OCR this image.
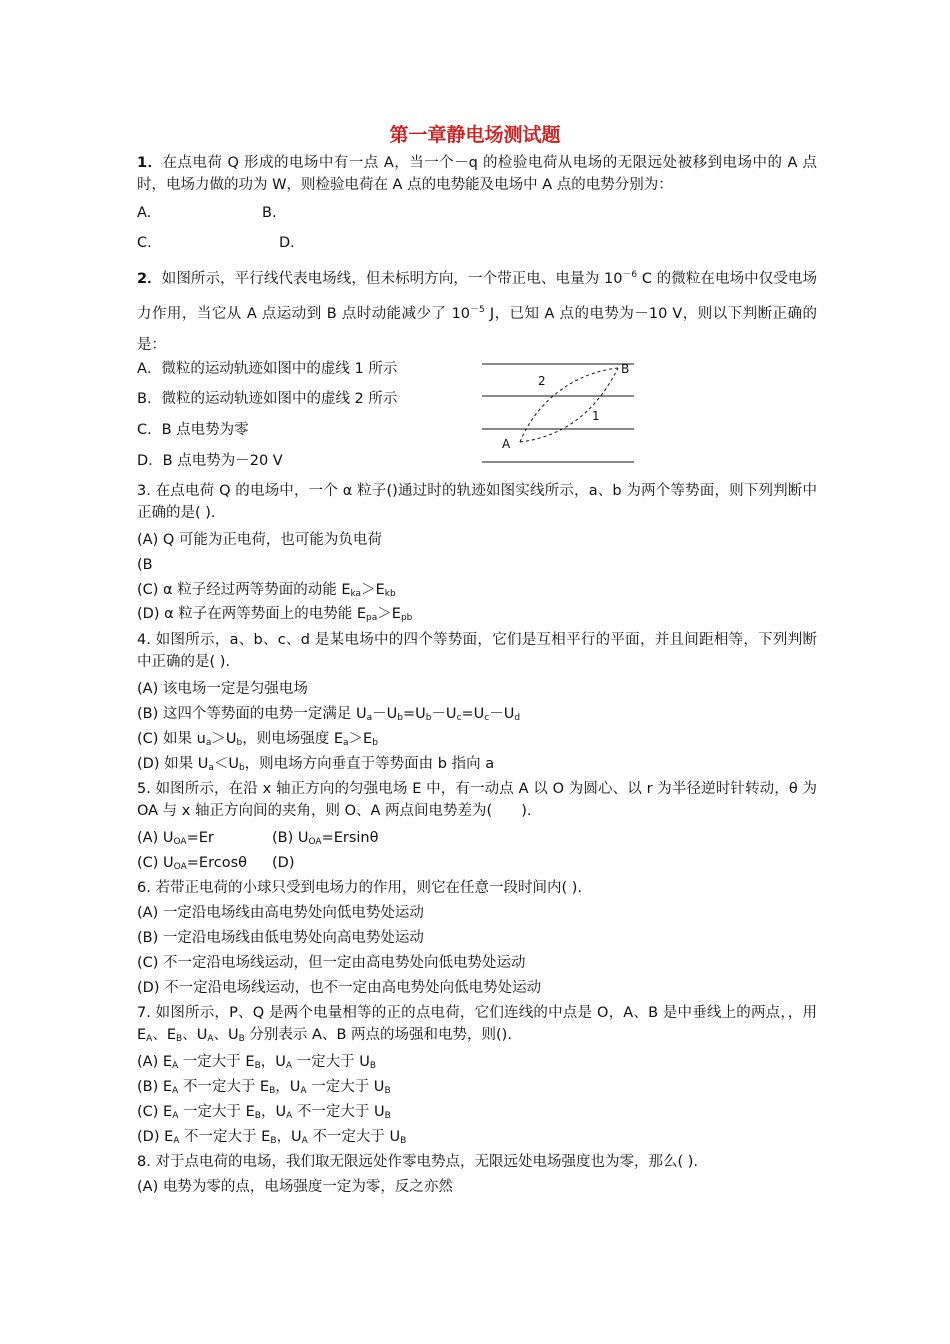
第一章静电场测试题
1．在点电荷 Q 形成的电场中有一点 A，当一个－q 的检验电荷从电场的无限远处被移到电场中的 A 点时，电场力做的功为 W，则检验电荷在 A 点的电势能及电场中 A 点的电势分别为：
A.	B.
C.	D.
2．如图所示，平行线代表电场线，但未标明方向，一个带正电、电量为 $10^{-6}$ C 的微粒在电场中仅受电场力作用，当它从 A 点运动到 B 点时动能减少了 $10^{-5}$ J，已知 A 点的电势为－10 V，则以下判断正确的是：
A．微粒的运动轨迹如图中的虚线 1 所示
B．微粒的运动轨迹如图中的虚线 2 所示
C．B 点电势为零
D．B 点电势为－20 V
A
B
2
1
3. 在点电荷 Q 的电场中，一个 α 粒子()通过时的轨迹如图实线所示，a、b 为两个等势面，则下列判断中正确的是( ).
(A) Q 可能为正电荷，也可能为负电荷
(B
(C) α 粒子经过两等势面的动能 $E_{ka}>E_{kb}$
(D) α 粒子在两等势面上的电势能 $E_{pa}>E_{pb}$
4. 如图所示，a、b、c、d 是某电场中的四个等势面，它们是互相平行的平面，并且间距相等，下列判断中正确的是( ).
(A) 该电场一定是匀强电场
(B) 这四个等势面的电势一定满足 $U_a-U_b=U_b-U_c=U_c-U_d$
(C) 如果 $u_a>U_b$，则电场强度 $E_a>E_b$
(D) 如果 $U_a<U_b$，则电场方向垂直于等势面由 b 指向 a
5. 如图所示，在沿 x 轴正方向的匀强电场 E 中，有一动点 A 以 O 为圆心、以 r 为半径逆时针转动，θ 为 OA 与 x 轴正方向间的夹角，则 O、A 两点间电势差为(　　).
(A) $U_{OA}=Er$	(B) $U_{OA}=Ersin\theta$
(C) $U_{OA}=Ercos\theta$ (D)
6. 若带正电荷的小球只受到电场力的作用，则它在任意一段时间内( ).
(A) 一定沿电场线由高电势处向低电势处运动
(B) 一定沿电场线由低电势处向高电势处运动
(C) 不一定沿电场线运动，但一定由高电势处向低电势处运动
(D) 不一定沿电场线运动，也不一定由高电势处向低电势处运动
7. 如图所示，P、Q 是两个电量相等的正的点电荷，它们连线的中点是 O，A、B 是中垂线上的两点，，用 $E_A$、$E_B$、$U_A$、$U_B$ 分别表示 A、B 两点的场强和电势，则().
(A) $E_A$ 一定大于 $E_B$，$U_A$ 一定大于 $U_B$
(B) $E_A$ 不一定大于 $E_B$，$U_A$ 一定大于 $U_B$
(C) $E_A$ 一定大于 $E_B$，$U_A$ 不一定大于 $U_B$
(D) $E_A$ 不一定大于 $E_B$，$U_A$ 不一定大于 $U_B$
8. 对于点电荷的电场，我们取无限远处作零电势点，无限远处电场强度也为零，那么( ).
(A) 电势为零的点，电场强度一定为零，反之亦然
